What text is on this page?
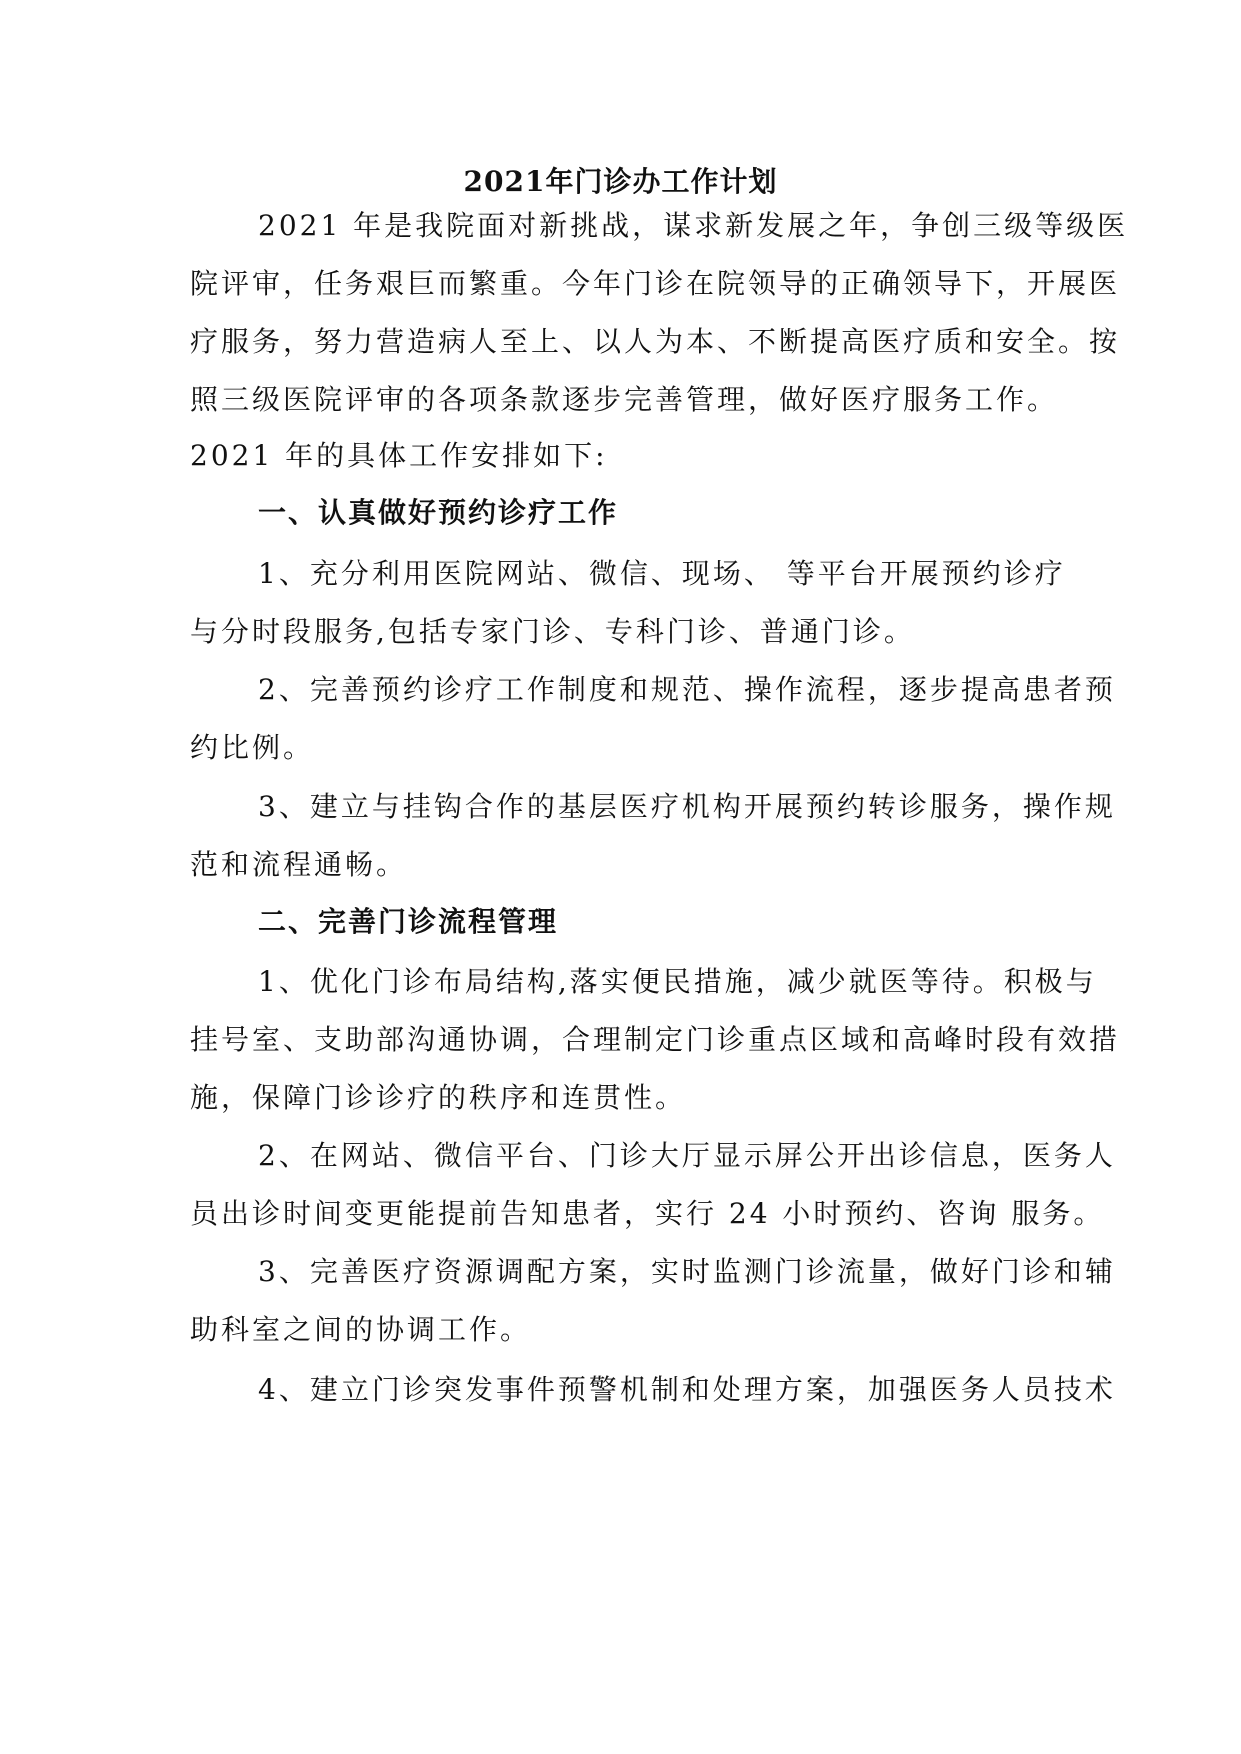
2021年门诊办工作计划
2021 年是我院面对新挑战，谋求新发展之年，争创三级等级医
院评审，任务艰巨而繁重。今年门诊在院领导的正确领导下，开展医
疗服务，努力营造病人至上、以人为本、不断提高医疗质和安全。按
照三级医院评审的各项条款逐步完善管理，做好医疗服务工作。
2021 年的具体工作安排如下:
一、认真做好预约诊疗工作
1、充分利用医院网站、微信、现场、 等平台开展预约诊疗
与分时段服务,包括专家门诊、专科门诊、普通门诊。
2、完善预约诊疗工作制度和规范、操作流程，逐步提高患者预
约比例。
3、建立与挂钩合作的基层医疗机构开展预约转诊服务，操作规
范和流程通畅。
二、完善门诊流程管理
1、优化门诊布局结构,落实便民措施，减少就医等待。积极与
挂号室、支助部沟通协调，合理制定门诊重点区域和高峰时段有效措
施，保障门诊诊疗的秩序和连贯性。
2、在网站、微信平台、门诊大厅显示屏公开出诊信息，医务人
员出诊时间变更能提前告知患者，实行 24 小时预约、咨询 服务。
3、完善医疗资源调配方案，实时监测门诊流量，做好门诊和辅
助科室之间的协调工作。
4、建立门诊突发事件预警机制和处理方案，加强医务人员技术
